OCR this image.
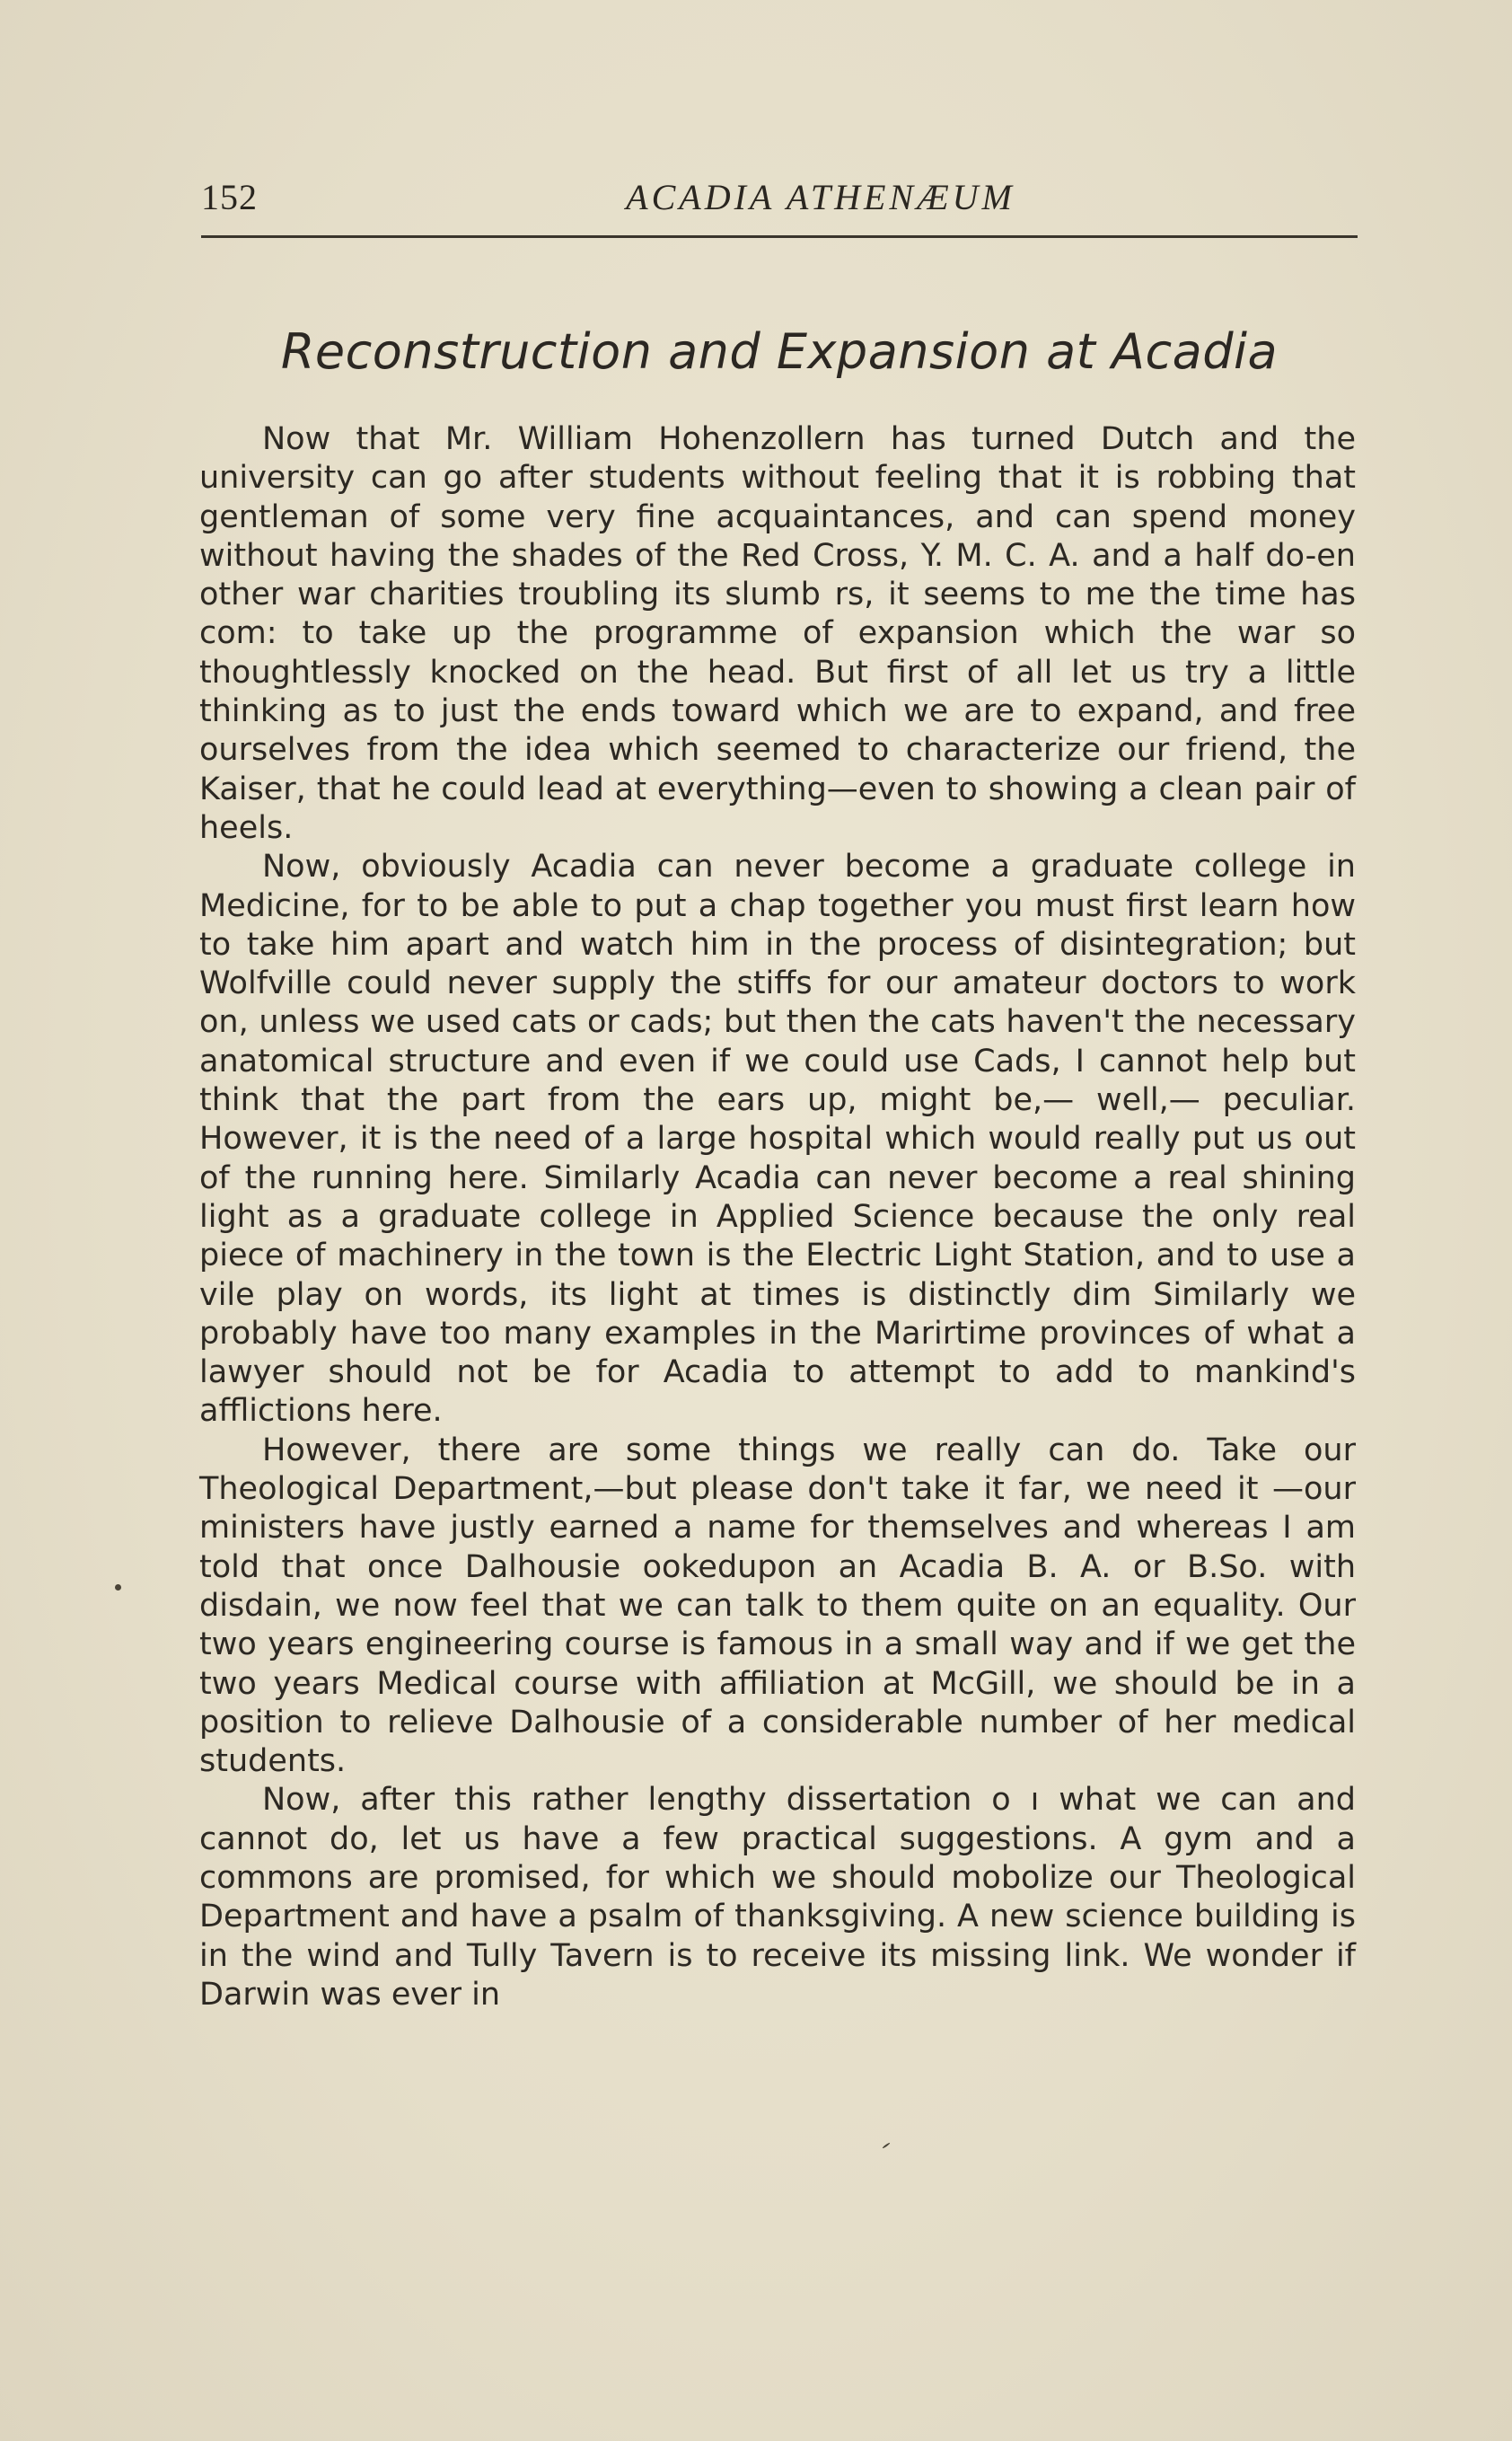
152	ACADIA ATHENÆUM
Reconstruction and Expansion at Acadia

Now that Mr. William Hohenzollern has turned Dutch and the university can go after students without feeling that it is robbing that gentleman of some very fine acquaintances, and can spend money without having the shades of the Red Cross, Y. M. C. A. and a half do-en other war charities troubling its slumb rs, it seems to me the time has com: to take up the programme of expansion which the war so thoughtlessly knocked on the head. But first of all let us try a little thinking as to just the ends toward which we are to expand, and free ourselves from the idea which seemed to characterize our friend, the Kaiser, that he could lead at everything—even to showing a clean pair of heels.

Now, obviously Acadia can never become a graduate college in Medicine, for to be able to put a chap together you must first learn how to take him apart and watch him in the process of disintegration; but Wolfville could never supply the stiffs for our amateur doctors to work on, unless we used cats or cads; but then the cats haven't the necessary anatomical structure and even if we could use Cads, I cannot help but think that the part from the ears up, might be,— well,— peculiar. However, it is the need of a large hospital which would really put us out of the running here. Similarly Acadia can never become a real shining light as a graduate college in Applied Science because the only real piece of machinery in the town is the Electric Light Station, and to use a vile play on words, its light at times is distinctly dim Similarly we probably have too many examples in the Marirtime provinces of what a lawyer should not be for Acadia to attempt to add to mankind's afflictions here.

However, there are some things we really can do. Take our Theological Department,—but please don't take it far, we need it —our ministers have justly earned a name for themselves and whereas I am told that once Dalhousie ookedupon an Acadia B. A. or B.So. with disdain, we now feel that we can talk to them quite on an equality. Our two years engineering course is famous in a small way and if we get the two years Medical course with affiliation at McGill, we should be in a position to relieve Dalhousie of a considerable number of her medical students.

Now, after this rather lengthy dissertation o ı what we can and cannot do, let us have a few practical suggestions. A gym and a commons are promised, for which we should mobolize our Theological Department and have a psalm of thanksgiving. A new science building is in the wind and Tully Tavern is to receive its missing link. We wonder if Darwin was ever in
